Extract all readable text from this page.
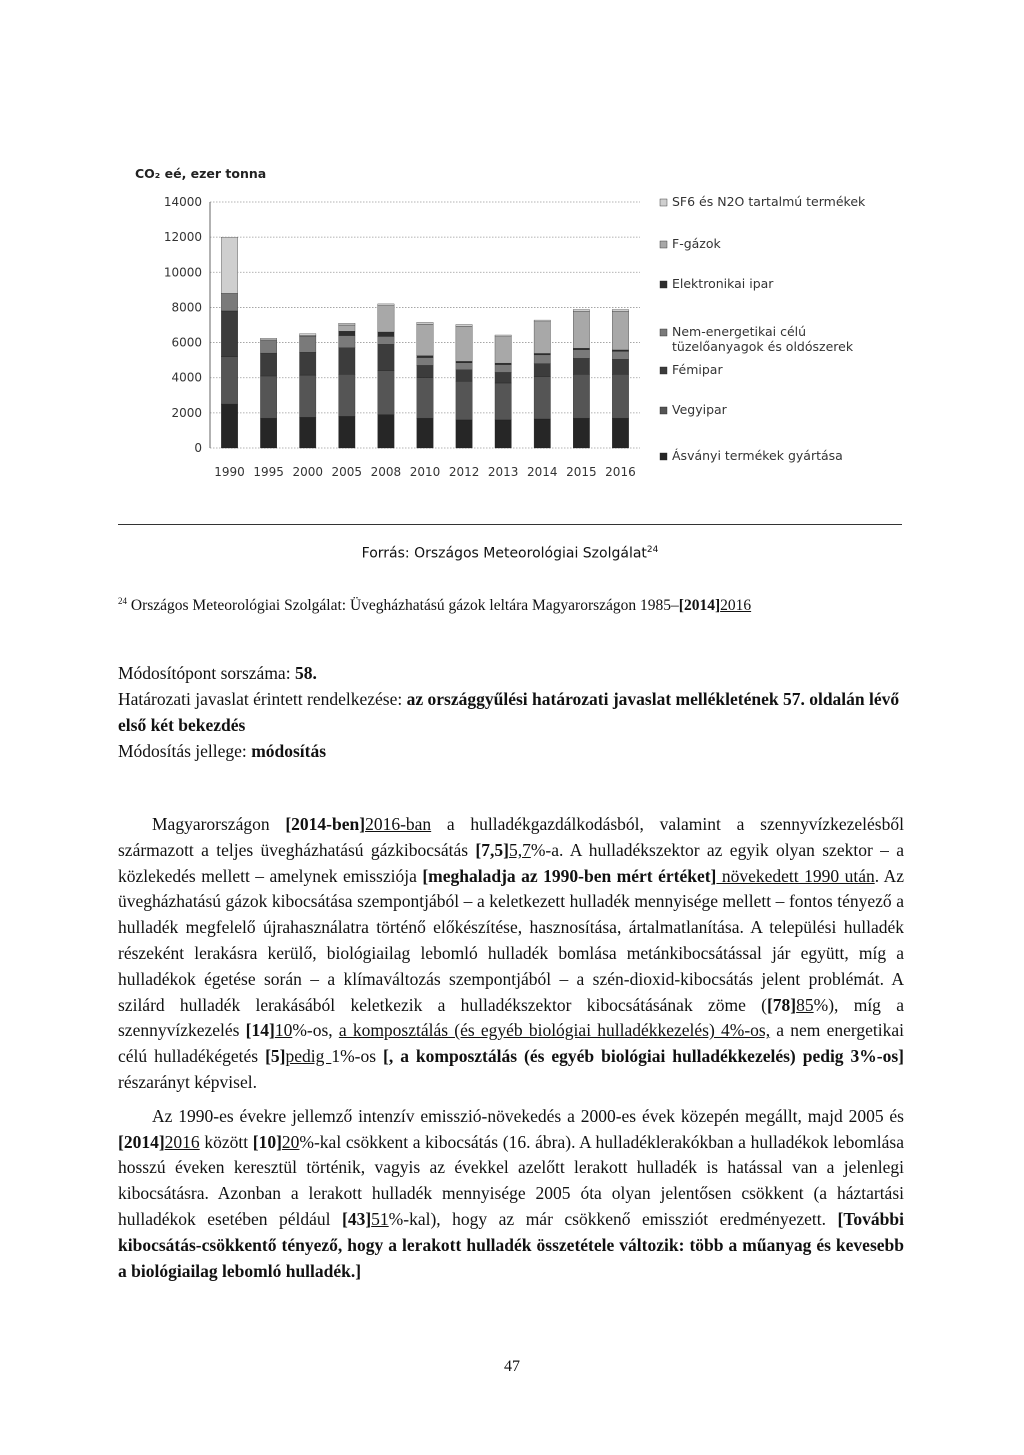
CO₂ eé, ezer tonna
14000
12000
10000
8000
6000
4000
2000
0
1990 1995 2000 2005 2008 2010 2012 2013 2014 2015 2016
SF6 és N2O tartalmú termékek
F-gázok
Elektronikai ipar
Nem-energetikai célú tüzelőanyagok és oldószerek
Fémipar
Vegyipar
Ásványi termékek gyártása
Forrás: Országos Meteorológiai Szolgálat$^{24}$
$^{24}$ Országos Meteorológiai Szolgálat: Üvegházhatású gázok leltára Magyarországon 1985–[2014]2016

Módosítópont sorszáma: 58.

Határozati javaslat érintett rendelkezése: az országgyűlési határozati javaslat mellékletének 57. oldalán lévő első két bekezdés

Módosítás jellege: módosítás

Magyarországon [2014-ben]2016-ban a hulladékgazdálkodásból, valamint a szennyvízkezelésből származott a teljes üvegházhatású gázkibocsátás [7,5]5,7%-a. A hulladékszektor az egyik olyan szektor – a közlekedés mellett – amelynek emissziója [meghaladja az 1990-ben mért értéket] növekedett 1990 után. Az üvegházhatású gázok kibocsátása szempontjából – a keletkezett hulladék mennyisége mellett – fontos tényező a hulladék megfelelő újrahasználatra történő előkészítése, hasznosítása, ártalmatlanítása. A települési hulladék részeként lerakásra kerülő, biológiailag lebomló hulladék bomlása metánkibocsátással jár együtt, míg a hulladékok égetése során – a klímaváltozás szempontjából – a szén-dioxid-kibocsátás jelent problémát. A szilárd hulladék lerakásából keletkezik a hulladékszektor kibocsátásának zöme ([78]85%), míg a szennyvízkezelés [14]10%-os, a komposztálás (és egyéb biológiai hulladékkezelés) 4%-os, a nem energetikai célú hulladékégetés [5]pedig 1%-os [, a komposztálás (és egyéb biológiai hulladékkezelés) pedig 3%-os] részarányt képvisel.

Az 1990-es évekre jellemző intenzív emisszió-növekedés a 2000-es évek közepén megállt, majd 2005 és [2014]2016 között [10]20%-kal csökkent a kibocsátás (16. ábra). A hulladéklerakókban a hulladékok lebomlása hosszú éveken keresztül történik, vagyis az évekkel azelőtt lerakott hulladék is hatással van a jelenlegi kibocsátásra. Azonban a lerakott hulladék mennyisége 2005 óta olyan jelentősen csökkent (a háztartási hulladékok esetében például [43]51%-kal), hogy az már csökkenő emissziót eredményezett. [További kibocsátás-csökkentő tényező, hogy a lerakott hulladék összetétele változik: több a műanyag és kevesebb a biológiailag lebomló hulladék.]

47
